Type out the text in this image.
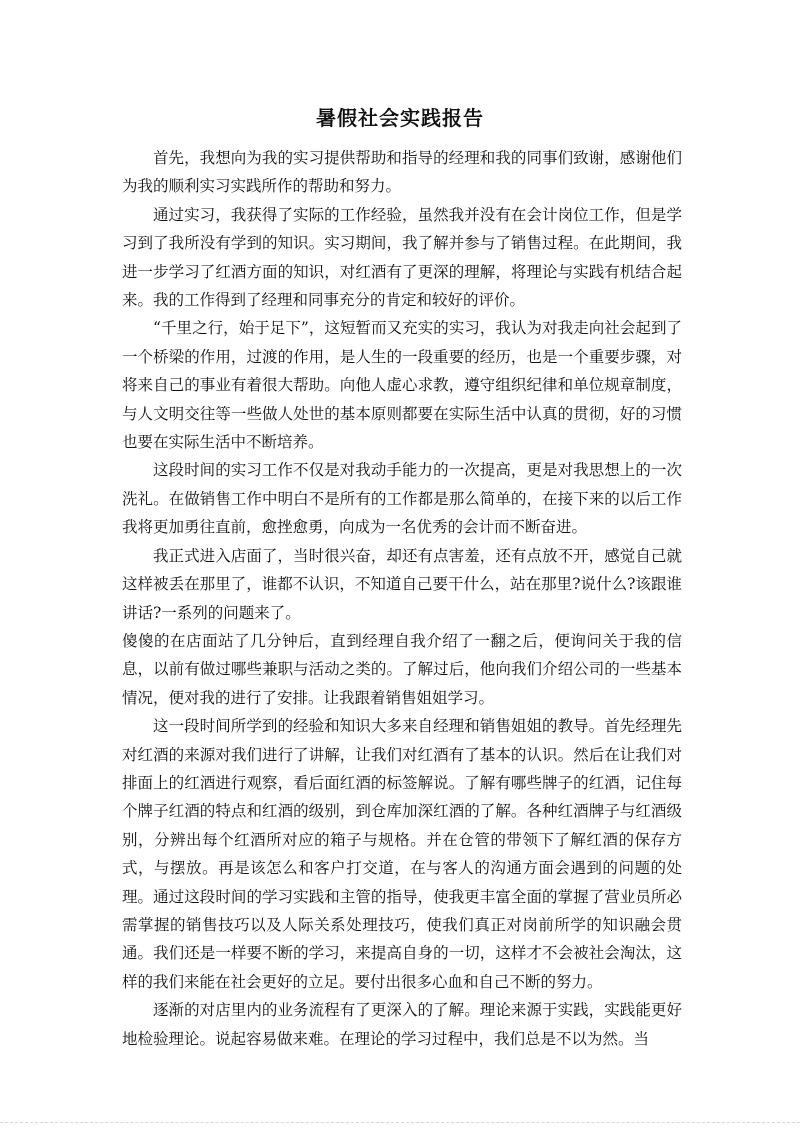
暑假社会实践报告

首先，我想向为我的实习提供帮助和指导的经理和我的同事们致谢，感谢他们为我的顺利实习实践所作的帮助和努力。

通过实习，我获得了实际的工作经验，虽然我并没有在会计岗位工作，但是学习到了我所没有学到的知识。实习期间，我了解并参与了销售过程。在此期间，我进一步学习了红酒方面的知识，对红酒有了更深的理解，将理论与实践有机结合起来。我的工作得到了经理和同事充分的肯定和较好的评价。

“千里之行，始于足下”，这短暂而又充实的实习，我认为对我走向社会起到了一个桥梁的作用，过渡的作用，是人生的一段重要的经历，也是一个重要步骤，对将来自己的事业有着很大帮助。向他人虚心求教，遵守组织纪律和单位规章制度，与人文明交往等一些做人处世的基本原则都要在实际生活中认真的贯彻，好的习惯也要在实际生活中不断培养。

这段时间的实习工作不仅是对我动手能力的一次提高，更是对我思想上的一次洗礼。在做销售工作中明白不是所有的工作都是那么简单的，在接下来的以后工作我将更加勇往直前，愈挫愈勇，向成为一名优秀的会计而不断奋进。

我正式进入店面了，当时很兴奋，却还有点害羞，还有点放不开，感觉自己就这样被丢在那里了，谁都不认识，不知道自己要干什么，站在那里?说什么?该跟谁讲话?一系列的问题来了。

傻傻的在店面站了几分钟后，直到经理自我介绍了一翻之后，便询问关于我的信息，以前有做过哪些兼职与活动之类的。了解过后，他向我们介绍公司的一些基本情况，便对我的进行了安排。让我跟着销售姐姐学习。

这一段时间所学到的经验和知识大多来自经理和销售姐姐的教导。首先经理先对红酒的来源对我们进行了讲解，让我们对红酒有了基本的认识。然后在让我们对排面上的红酒进行观察，看后面红酒的标签解说。了解有哪些牌子的红酒，记住每个牌子红酒的特点和红酒的级别，到仓库加深红酒的了解。各种红酒牌子与红酒级别，分辨出每个红酒所对应的箱子与规格。并在仓管的带领下了解红酒的保存方式，与摆放。再是该怎么和客户打交道，在与客人的沟通方面会遇到的问题的处理。通过这段时间的学习实践和主管的指导，使我更丰富全面的掌握了营业员所必需掌握的销售技巧以及人际关系处理技巧，使我们真正对岗前所学的知识融会贯通。我们还是一样要不断的学习，来提高自身的一切，这样才不会被社会淘汰，这样的我们来能在社会更好的立足。要付出很多心血和自己不断的努力。

逐渐的对店里内的业务流程有了更深入的了解。理论来源于实践，实践能更好地检验理论。说起容易做来难。在理论的学习过程中，我们总是不以为然。当
